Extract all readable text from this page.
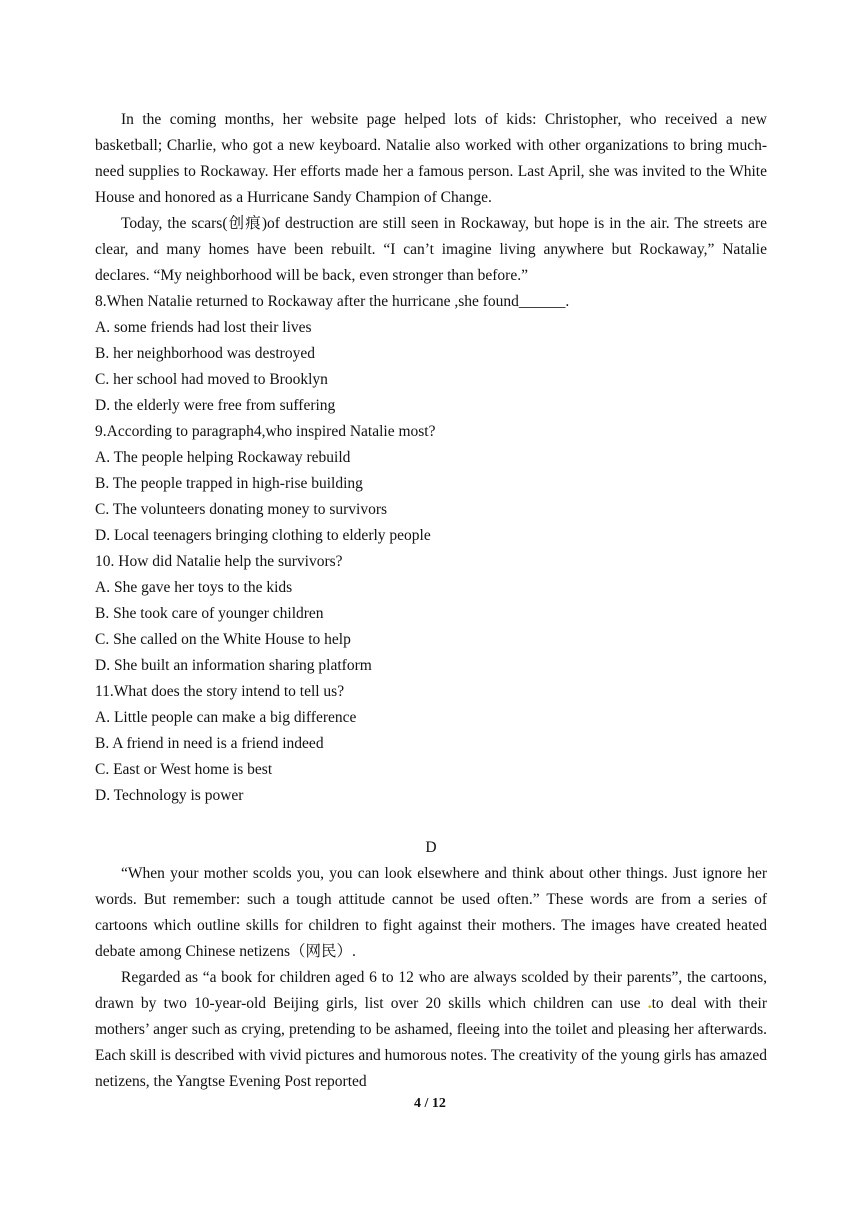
In the coming months, her website page helped lots of kids: Christopher, who received a new basketball; Charlie, who got a new keyboard. Natalie also worked with other organizations to bring much-need supplies to Rockaway. Her efforts made her a famous person. Last April, she was invited to the White House and honored as a Hurricane Sandy Champion of Change.

Today, the scars(创痕)of destruction are still seen in Rockaway, but hope is in the air. The streets are clear, and many homes have been rebuilt. “I can’t imagine living anywhere but Rockaway,” Natalie declares. “My neighborhood will be back, even stronger than before.”

8.When Natalie returned to Rockaway after the hurricane ,she found______.

A. some friends had lost their lives

B. her neighborhood was destroyed

C. her school had moved to Brooklyn

D. the elderly were free from suffering

9.According to paragraph4,who inspired Natalie most?

A. The people helping Rockaway rebuild

B. The people trapped in high-rise building

C. The volunteers donating money to survivors

D. Local teenagers bringing clothing to elderly people

10. How did Natalie help the survivors?

A. She gave her toys to the kids

B. She took care of younger children

C. She called on the White House to help

D. She built an information sharing platform

11.What does the story intend to tell us?

A. Little people can make a big difference

B. A friend in need is a friend indeed

C. East or West home is best

D. Technology is power

D

“When your mother scolds you, you can look elsewhere and think about other things. Just ignore her words. But remember: such a tough attitude cannot be used often.” These words are from a series of cartoons which outline skills for children to fight against their mothers. The images have created heated debate among Chinese netizens（网民）.

Regarded as “a book for children aged 6 to 12 who are always scolded by their parents”, the cartoons, drawn by two 10-year-old Beijing girls, list over 20 skills which children can use .to deal with their mothers’ anger such as crying, pretending to be ashamed, fleeing into the toilet and pleasing her afterwards. Each skill is described with vivid pictures and humorous notes. The creativity of the young girls has amazed netizens, the Yangtse Evening Post reported

4 / 12
